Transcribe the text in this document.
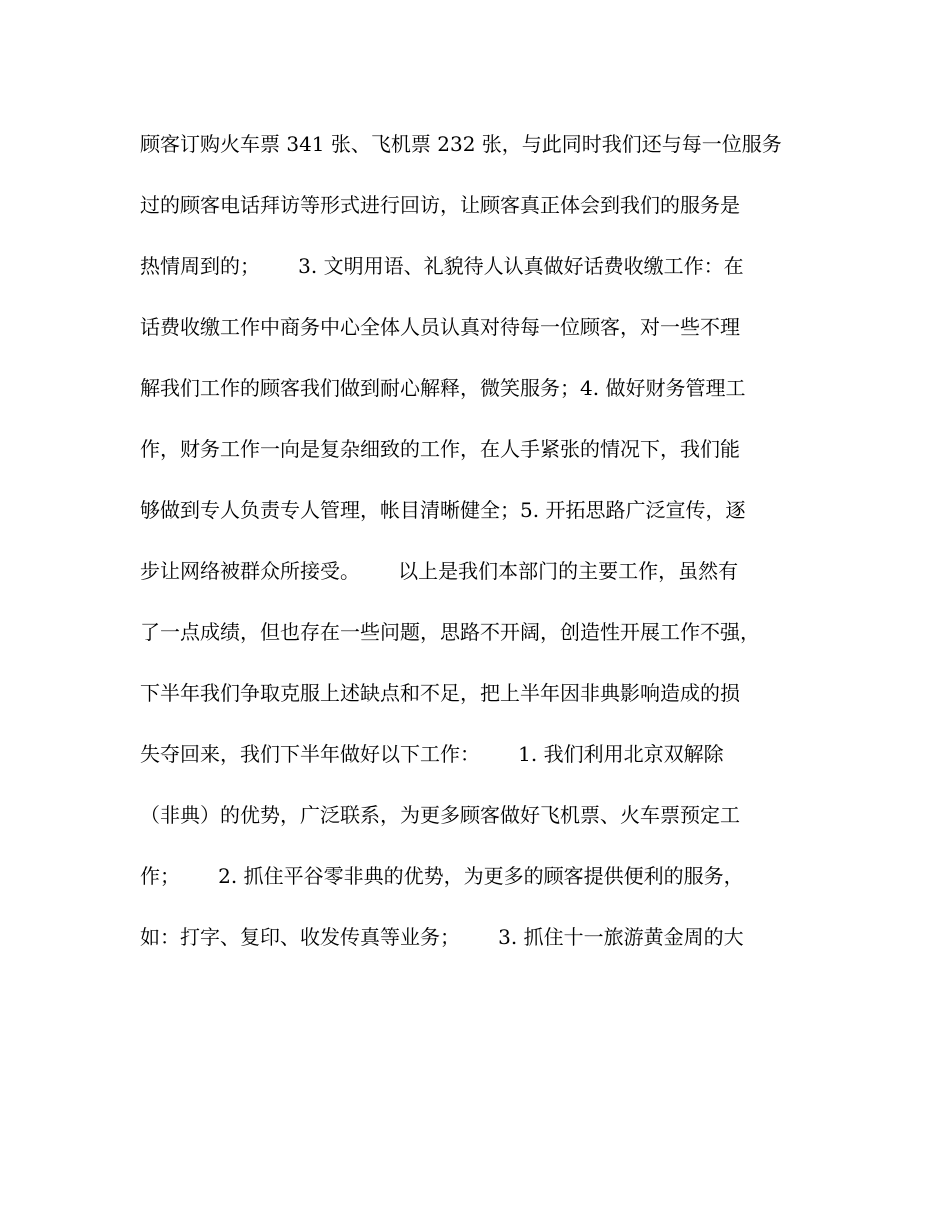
顾客订购火车票 341 张、飞机票 232 张，与此同时我们还与每一位服务
过的顾客电话拜访等形式进行回访，让顾客真正体会到我们的服务是
热情周到的；      3. 文明用语、礼貌待人认真做好话费收缴工作：在
话费收缴工作中商务中心全体人员认真对待每一位顾客，对一些不理
解我们工作的顾客我们做到耐心解释，微笑服务；4. 做好财务管理工
作，财务工作一向是复杂细致的工作，在人手紧张的情况下，我们能
够做到专人负责专人管理，帐目清晰健全；5. 开拓思路广泛宣传，逐
步让网络被群众所接受。      以上是我们本部门的主要工作，虽然有
了一点成绩，但也存在一些问题，思路不开阔，创造性开展工作不强，
下半年我们争取克服上述缺点和不足，把上半年因非典影响造成的损
失夺回来，我们下半年做好以下工作：      1. 我们利用北京双解除
（非典）的优势，广泛联系，为更多顾客做好飞机票、火车票预定工
作；      2. 抓住平谷零非典的优势，为更多的顾客提供便利的服务，
如：打字、复印、收发传真等业务；      3. 抓住十一旅游黄金周的大
